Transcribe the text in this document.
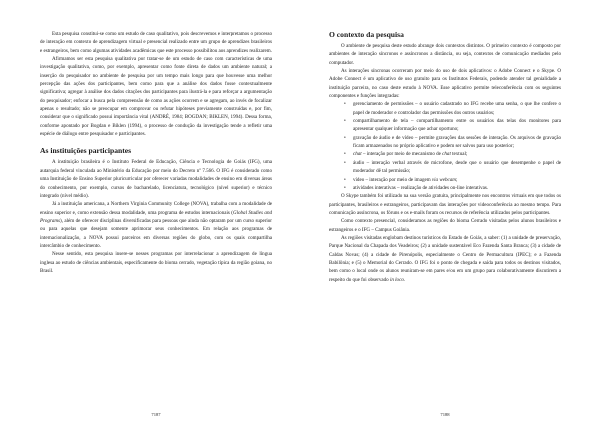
Esta pesquisa constitui-se como um estudo de caso qualitativo, pois descrevemos e interpretamos o processo de interação em contexto de aprendizagem virtual e presencial realizado entre um grupo de aprendizes brasileiros e estrangeiros, bem como algumas atividades acadêmicas que este processo possibilitou aos aprendizes realizarem.

Afirmamos ser esta pesquisa qualitativa por tratar-se de um estudo de caso com características de uma investigação qualitativa, como, por exemplo, apresentar como fonte direta de dados um ambiente natural; a inserção do pesquisador no ambiente de pesquisa por um tempo mais longo para que houvesse uma melhor percepção das ações dos participantes, bem como para que a análise dos dados fosse contextualmente significativa; agregar à análise dos dados citações dos participantes para ilustrá-la e para reforçar a argumentação do pesquisador; enfocar a busca pela compreensão de como as ações ocorrem e se agregam, ao invés de focalizar apenas o resultado; não se preocupar em comprovar ou refutar hipóteses previamente construídas e, por fim, considerar que o significado possui importância vital (ANDRÉ, 1984; BOGDAN; BIKLEN, 1994). Dessa forma, conforme apontado por Bogdan e Biklen (1994), o processo de condução da investigação tende a refletir uma espécie de diálogo entre pesquisador e participantes.

As instituições participantes

A instituição brasileira é o Instituto Federal de Educação, Ciência e Tecnologia de Goiás (IFG), uma autarquia federal vinculada ao Ministério da Educação por meio do Decreto nº 7.566. O IFG é considerado como uma Instituição de Ensino Superior pluricurricular por oferecer variadas modalidades de ensino em diversas áreas do conhecimento, por exemplo, cursos de bacharelado, licenciatura, tecnológico (nível superior) e técnico integrado (nível médio).

Já a instituição americana, a Northern Virginia Community College (NOVA), trabalha com a modalidade de ensino superior e, como extensão dessa modalidade, uma programa de estudos internacionais (Global Studies and Programs), além de oferecer disciplinas diversificadas para pessoas que ainda não optaram por um curso superior ou para aquelas que desejam somente aprimorar seus conhecimentos. Em relação aos programas de internacionalização, a NOVA possui parceiros em diversas regiões do globo, com os quais compartilha intercâmbio de conhecimento.

Nesse sentido, esta pesquisa insere-se nesses programas por interrelacionar a aprendizagem de língua inglesa ao estudo de ciências ambientais, especificamente do bioma cerrado, vegetação típica da região goiana, no Brasil.

7187
O contexto da pesquisa

O ambiente de pesquisa deste estudo abrange dois contextos distintos. O primeiro contexto é composto por ambientes de interação síncronos e assíncronos a distância, ou seja, contextos de comunicação mediados pelo computador.

As interações síncronas ocorreram por meio do uso de dois aplicativos: o Adobe Connect e o Skype. O Adobe Connect é um aplicativo de uso gratuito para os Institutos Federais, podendo atender tal genialidade a instituição parceira, no caso deste estudo à NOVA. Esse aplicativo permite teleconferência com os seguintes componentes e funções integradas:

• gerenciamento de permissões – o usuário cadastrado no IFG recebe uma senha, o que lhe confere o papel de moderador e controlador das permissões dos outros usuários;
• compartilhamento de tela – compartilhamento entre os usuários das telas dos monitores para apresentar qualquer informação que achar oportuno;
• gravação de áudio e de vídeo – permite gravações das sessões de interação. Os arquivos de gravação ficam armazenados no próprio aplicativo e podem ser salvos para uso posterior;
• chat – interação por meio de mecanismo de chat textual;
• áudio – interação verbal através de microfone, desde que o usuário que desempenhe o papel de moderador dê tal permissão;
• vídeo – interação por meio de imagem via webcam;
• atividades interativas – realização de atividades on-line interativas.

O Skype também foi utilizado na sua versão gratuita, principalmente nos encontros virtuais em que todos os participantes, brasileiros e estrangeiros, participavam das interações por videoconferência ao mesmo tempo. Para comunicação assíncrona, os fóruns e os e-mails foram os recursos de referência utilizados pelos participantes.

Como contexto presencial, consideramos as regiões do bioma Cerrado visitadas pelos alunos brasileiros e estrangeiros e o IFG – Campus Goiânia.

As regiões visitadas englobam destinos turísticos do Estado de Goiás, a saber: (1) a unidade de preservação, Parque Nacional da Chapada dos Veadeiros; (2) a unidade sustentável Eco Fazenda Santa Branca; (3) a cidade de Caldas Novas; (4) a cidade de Pirenópolis, especialmente o Centro de Permacultura (IPEC); e a Fazenda Babilônia; e (5) o Memorial do Cerrado. O IFG foi o ponto de chegada e saída para todos os destinos visitados, bem como o local onde os alunos reuniram-se em pares e/ou em um grupo para colaborativamente discutirem a respeito do que foi observado in loco.

7188
